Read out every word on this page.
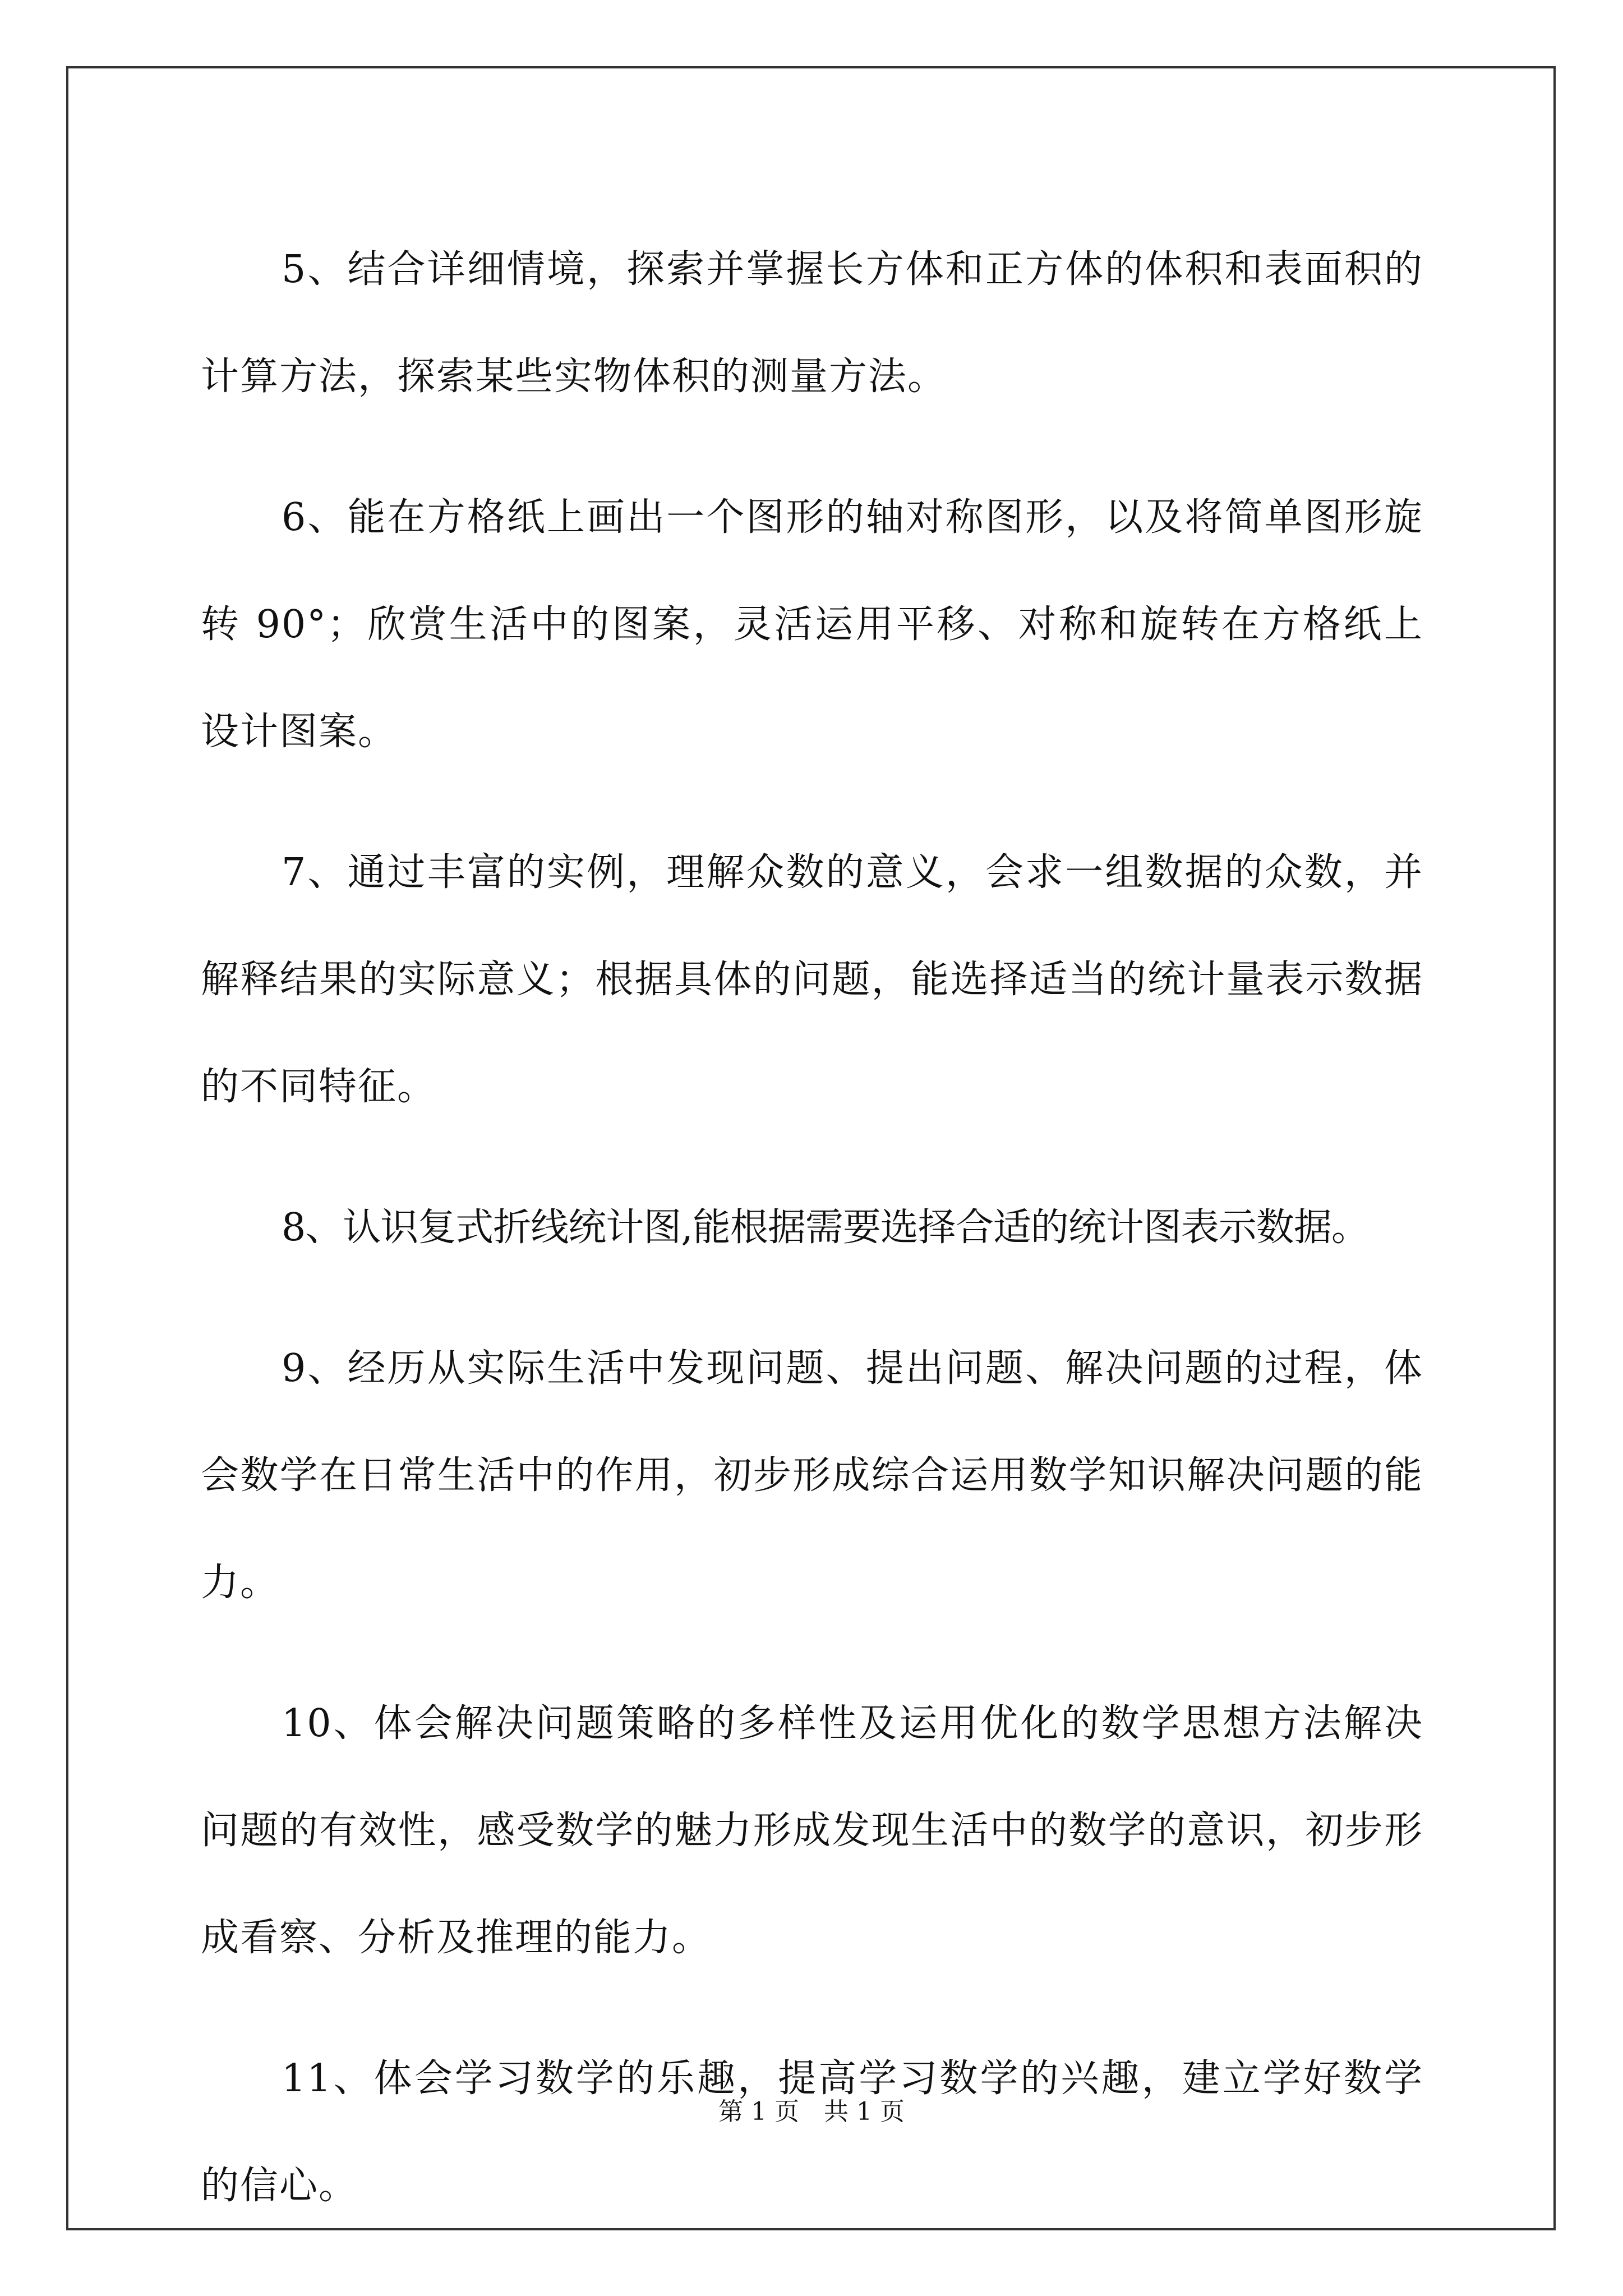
5、结合详细情境，探索并掌握长方体和正方体的体积和表面积的计算方法，探索某些实物体积的测量方法。

6、能在方格纸上画出一个图形的轴对称图形，以及将简单图形旋转 90°；欣赏生活中的图案，灵活运用平移、对称和旋转在方格纸上设计图案。

7、通过丰富的实例，理解众数的意义，会求一组数据的众数，并解释结果的实际意义；根据具体的问题，能选择适当的统计量表示数据的不同特征。

8、认识复式折线统计图,能根据需要选择合适的统计图表示数据。

9、经历从实际生活中发现问题、提出问题、解决问题的过程，体会数学在日常生活中的作用，初步形成综合运用数学知识解决问题的能力。

10、体会解决问题策略的多样性及运用优化的数学思想方法解决问题的有效性，感受数学的魅力形成发现生活中的数学的意识，初步形成看察、分析及推理的能力。

11、体会学习数学的乐趣，提高学习数学的兴趣，建立学好数学的信心。

第 1 页　共 1 页
